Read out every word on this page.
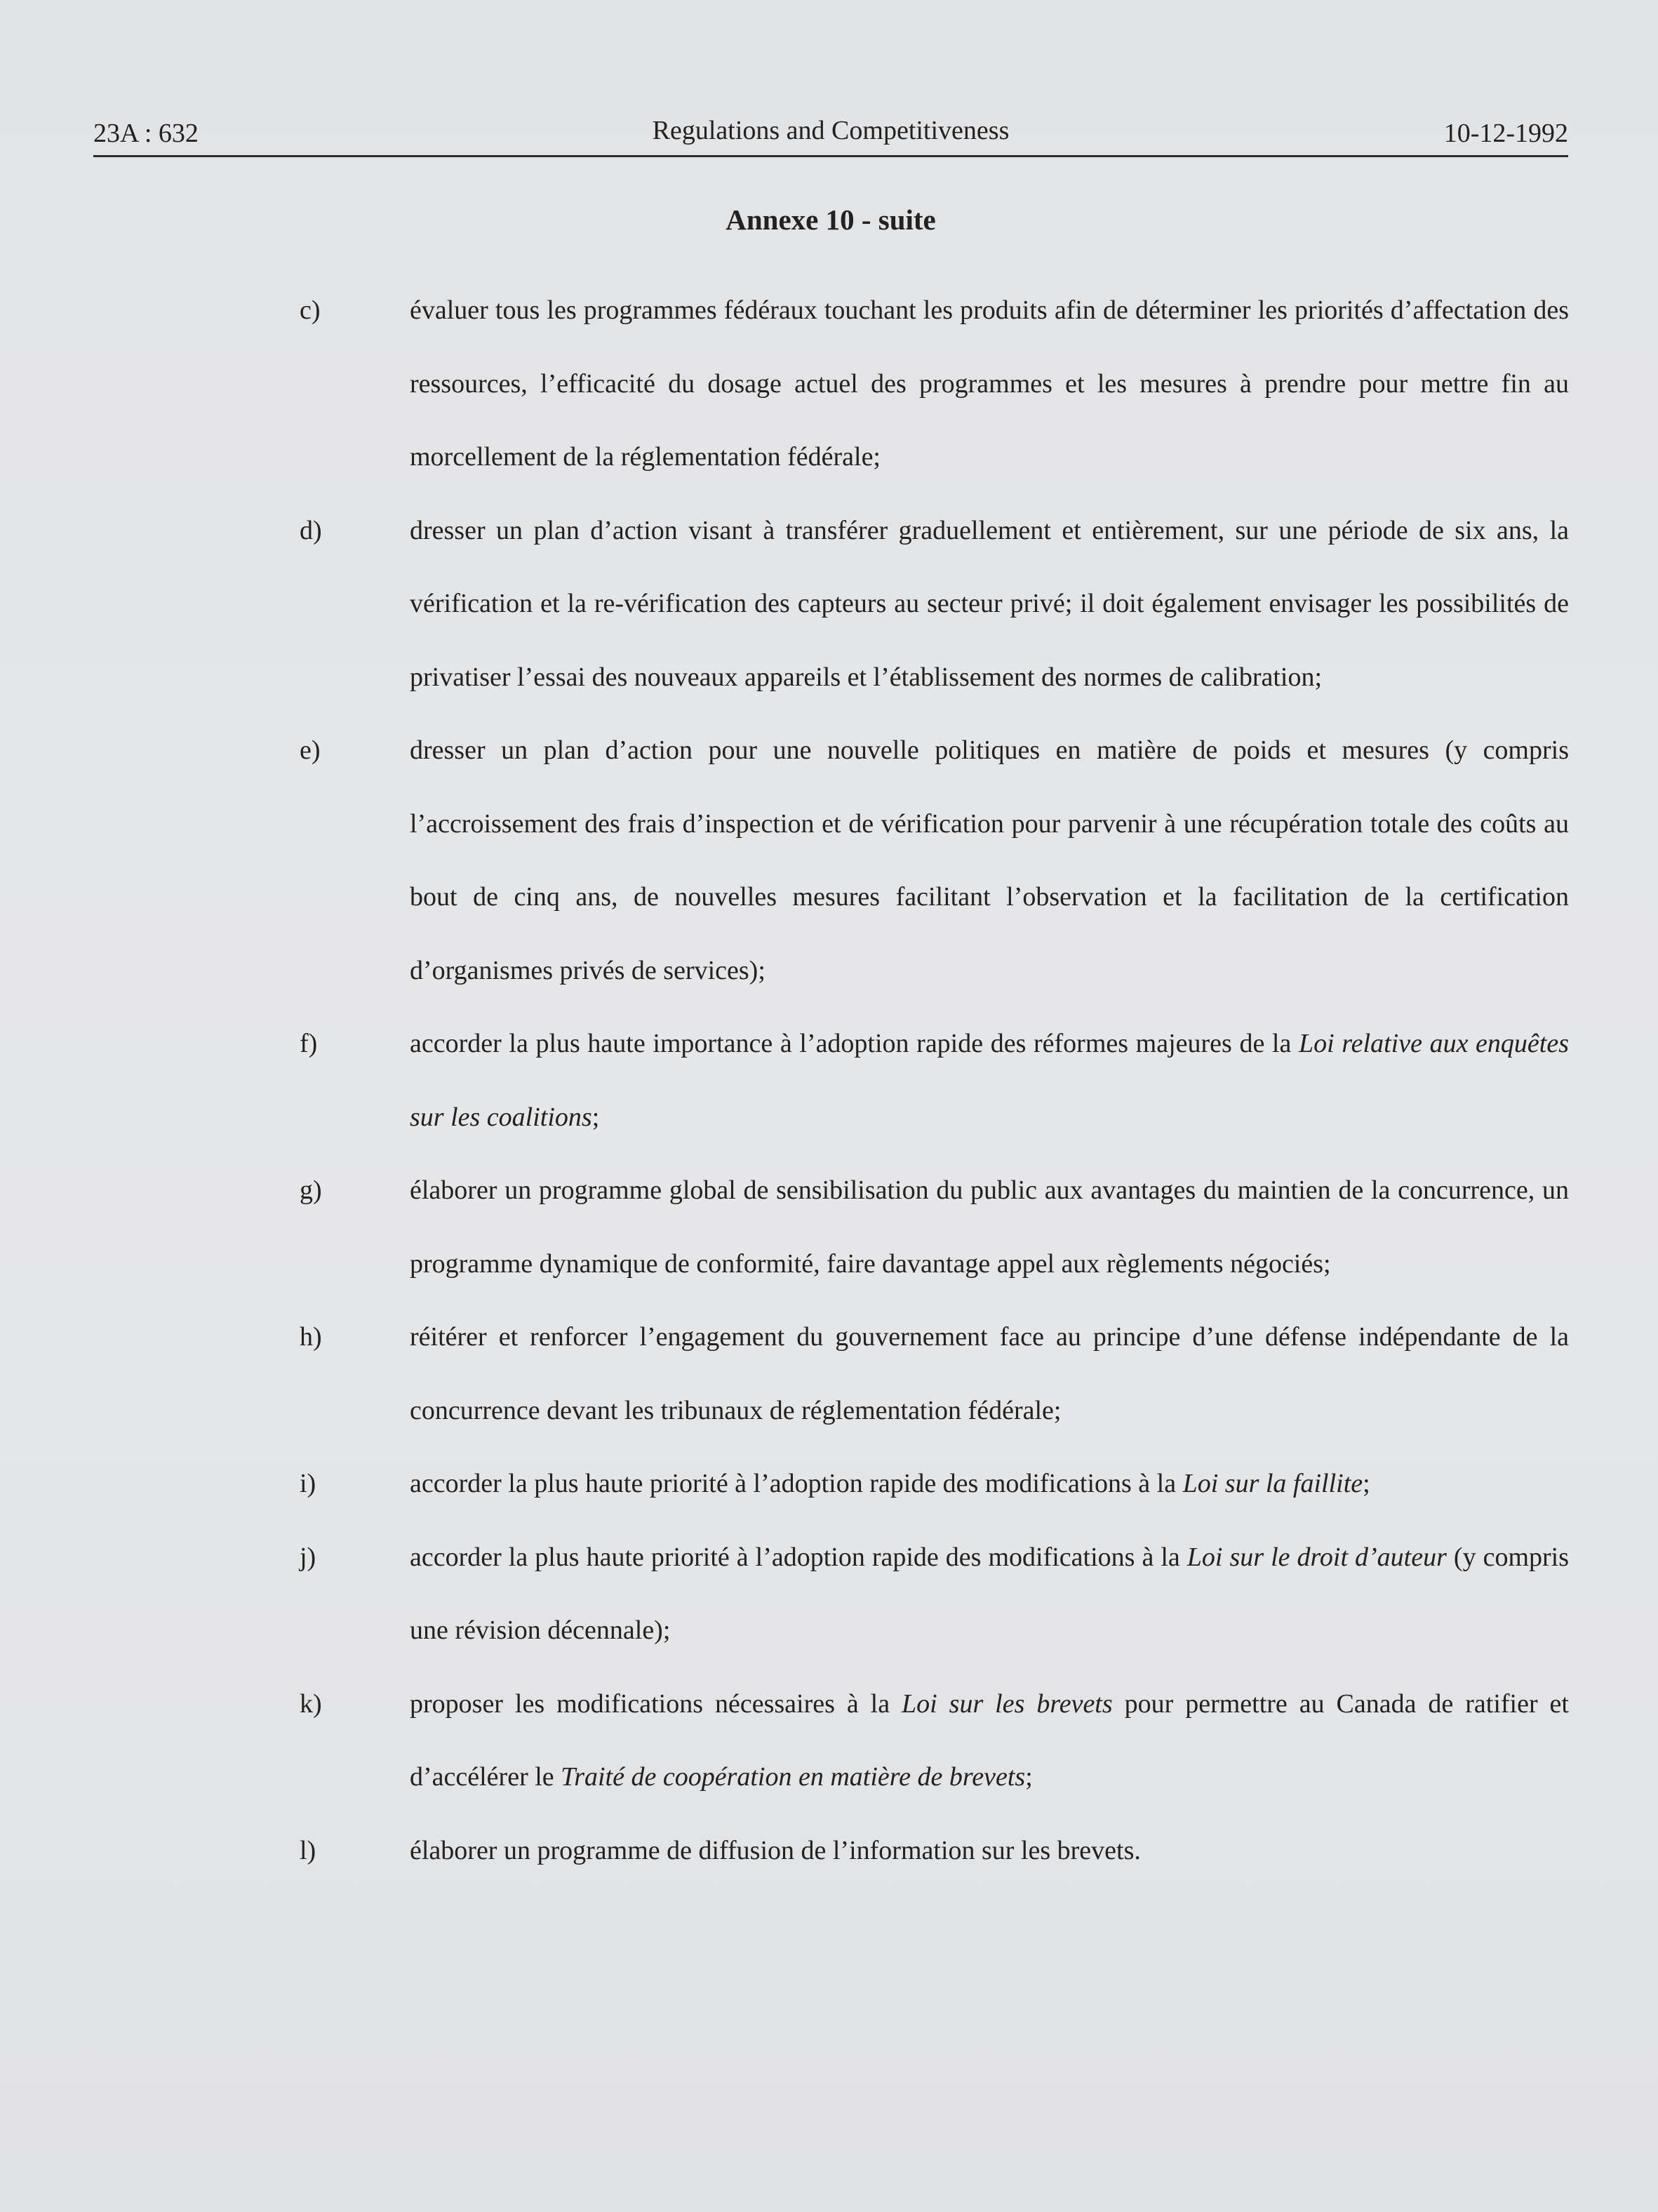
23A : 632	Regulations and Competitiveness	10-12-1992
Annexe 10 - suite
c)	évaluer tous les programmes fédéraux touchant les produits afin de déterminer les priorités d’affectation des ressources, l’efficacité du dosage actuel des programmes et les mesures à prendre pour mettre fin au morcellement de la réglementation fédérale;
d)	dresser un plan d’action visant à transférer graduellement et entièrement, sur une période de six ans, la vérification et la re-vérification des capteurs au secteur privé; il doit également envisager les possibilités de privatiser l’essai des nouveaux appareils et l’établissement des normes de calibration;
e)	dresser un plan d’action pour une nouvelle politiques en matière de poids et mesures (y compris l’accroissement des frais d’inspection et de vérification pour parvenir à une récupération totale des coûts au bout de cinq ans, de nouvelles mesures facilitant l’observation et la facilitation de la certification d’organismes privés de services);
f)	accorder la plus haute importance à l’adoption rapide des réformes majeures de la Loi relative aux enquêtes sur les coalitions;
g)	élaborer un programme global de sensibilisation du public aux avantages du maintien de la concurrence, un programme dynamique de conformité, faire davantage appel aux règlements négociés;
h)	réitérer et renforcer l’engagement du gouvernement face au principe d’une défense indépendante de la concurrence devant les tribunaux de réglementation fédérale;
i)	accorder la plus haute priorité à l’adoption rapide des modifications à la Loi sur la faillite;
j)	accorder la plus haute priorité à l’adoption rapide des modifications à la Loi sur le droit d’auteur (y compris une révision décennale);
k)	proposer les modifications nécessaires à la Loi sur les brevets pour permettre au Canada de ratifier et d’accélérer le Traité de coopération en matière de brevets;
l)	élaborer un programme de diffusion de l’information sur les brevets.
